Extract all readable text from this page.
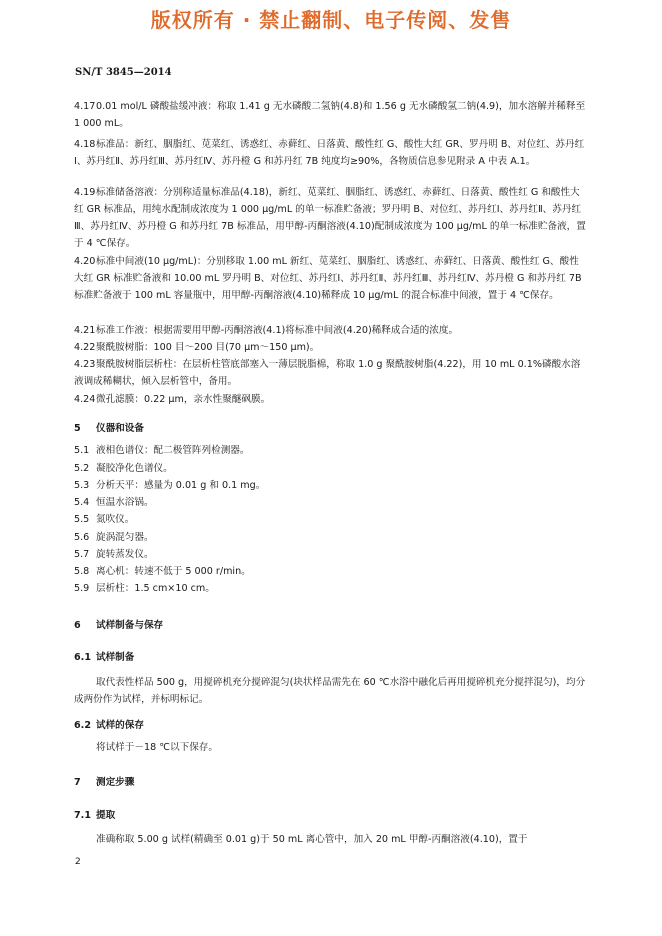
版权所有 · 禁止翻制、电子传阅、发售
SN/T 3845—2014
4.170.01 mol/L 磷酸盐缓冲液：称取 1.41 g 无水磷酸二氢钠(4.8)和 1.56 g 无水磷酸氢二钠(4.9)，加水溶解并稀释至 1 000 mL。
4.18标准品：新红、胭脂红、苋菜红、诱惑红、赤藓红、日落黄、酸性红 G、酸性大红 GR、罗丹明 B、对位红、苏丹红Ⅰ、苏丹红Ⅱ、苏丹红Ⅲ、苏丹红Ⅳ、苏丹橙 G 和苏丹红 7B 纯度均≥90%，各物质信息参见附录 A 中表 A.1。
4.19标准储备溶液：分别称适量标准品(4.18)，新红、苋菜红、胭脂红、诱惑红、赤藓红、日落黄、酸性红 G 和酸性大红 GR 标准品，用纯水配制成浓度为 1 000 μg/mL 的单一标准贮备液；罗丹明 B、对位红、苏丹红Ⅰ、苏丹红Ⅱ、苏丹红Ⅲ、苏丹红Ⅳ、苏丹橙 G 和苏丹红 7B 标准品，用甲醇-丙酮溶液(4.10)配制成浓度为 100 μg/mL 的单一标准贮备液，置于 4 ℃保存。
4.20标准中间液(10 μg/mL)：分别移取 1.00 mL 新红、苋菜红、胭脂红、诱惑红、赤藓红、日落黄、酸性红 G、酸性大红 GR 标准贮备液和 10.00 mL 罗丹明 B、对位红、苏丹红Ⅰ、苏丹红Ⅱ、苏丹红Ⅲ、苏丹红Ⅳ、苏丹橙 G 和苏丹红 7B 标准贮备液于 100 mL 容量瓶中，用甲醇-丙酮溶液(4.10)稀释成 10 μg/mL 的混合标准中间液，置于 4 ℃保存。
4.21标准工作液：根据需要用甲醇-丙酮溶液(4.1)将标准中间液(4.20)稀释成合适的浓度。
4.22聚酰胺树脂：100 目～200 目(70 μm～150 μm)。
4.23聚酰胺树脂层析柱：在层析柱管底部塞入一薄层脱脂棉，称取 1.0 g 聚酰胺树脂(4.22)，用 10 mL 0.1%磷酸水溶液调成稀糊状，倾入层析管中，备用。
4.24微孔滤膜：0.22 μm，亲水性聚醚砜膜。
5 仪器和设备
5.1 液相色谱仪：配二极管阵列检测器。
5.2 凝胶净化色谱仪。
5.3 分析天平：感量为 0.01 g 和 0.1 mg。
5.4 恒温水浴锅。
5.5 氮吹仪。
5.6 旋涡混匀器。
5.7 旋转蒸发仪。
5.8 离心机：转速不低于 5 000 r/min。
5.9 层析柱：1.5 cm×10 cm。
6 试样制备与保存
6.1 试样制备
取代表性样品 500 g，用搅碎机充分搅碎混匀(块状样品需先在 60 ℃水浴中融化后再用搅碎机充分搅拌混匀)，均分成两份作为试样，并标明标记。
6.2 试样的保存
将试样于－18 ℃以下保存。
7 测定步骤
7.1 提取
准确称取 5.00 g 试样(精确至 0.01 g)于 50 mL 离心管中，加入 20 mL 甲醇-丙酮溶液(4.10)，置于
2
